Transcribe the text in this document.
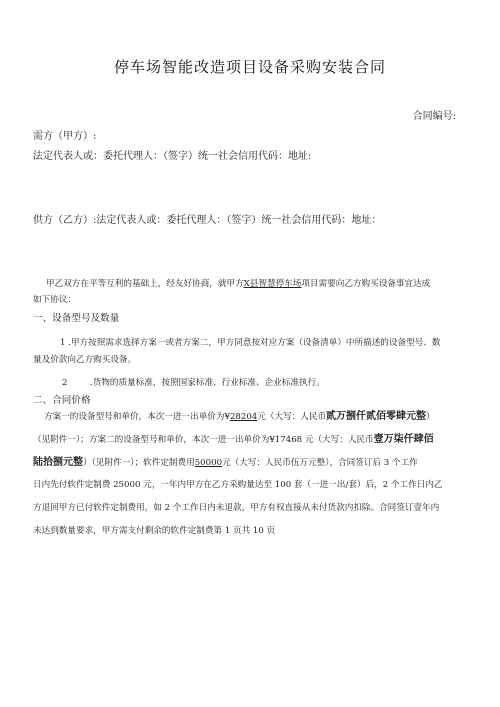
停车场智能改造项目设备采购安装合同
合同编号:
需方（甲方）:
法定代表人或：委托代理人：（签字）统一社会信用代码：地址:
供方（乙方）:法定代表人或：委托代理人：（签字）统一社会信用代码：地址：
甲乙双方在平等互利的基础上，经友好协商，就甲方X县智慧停车场项目需要向乙方购买设备事宜达成
如下协议：
一、设备型号及数量
1 .甲方按照需求选择方案一或者方案二，甲方同意按对应方案（设备清单）中所描述的设备型号、数
量及价款向乙方购买设备。
2	.货物的质量标准，按照国家标准、行业标准、企业标准执行。
二、合同价格
方案一的设备型号和单价，本次一进一出单价为¥28204元（大写：人民币贰万捌仟贰佰零肆元整）
（见附件一）；方案二的设备型号和单价，本次一进一出单价为¥17468 元（大写：人民币壹万柒仟肆佰
陆拾捌元整）（见附件一）；软件定制费用50000元（大写：人民币伍万元整），合同签订后 3 个工作
日内先付软件定制费 25000 元，一年内甲方在乙方采购量达至 100 套（一进一出/套）后，2 个工作日内乙
方退回甲方已付软件定制费用，如 2 个工作日内未退款，甲方有权直接从未付货款内扣除。合同签订壹年内
未达到数量要求，甲方需支付剩余的软件定制费第 1 页共 10 页
